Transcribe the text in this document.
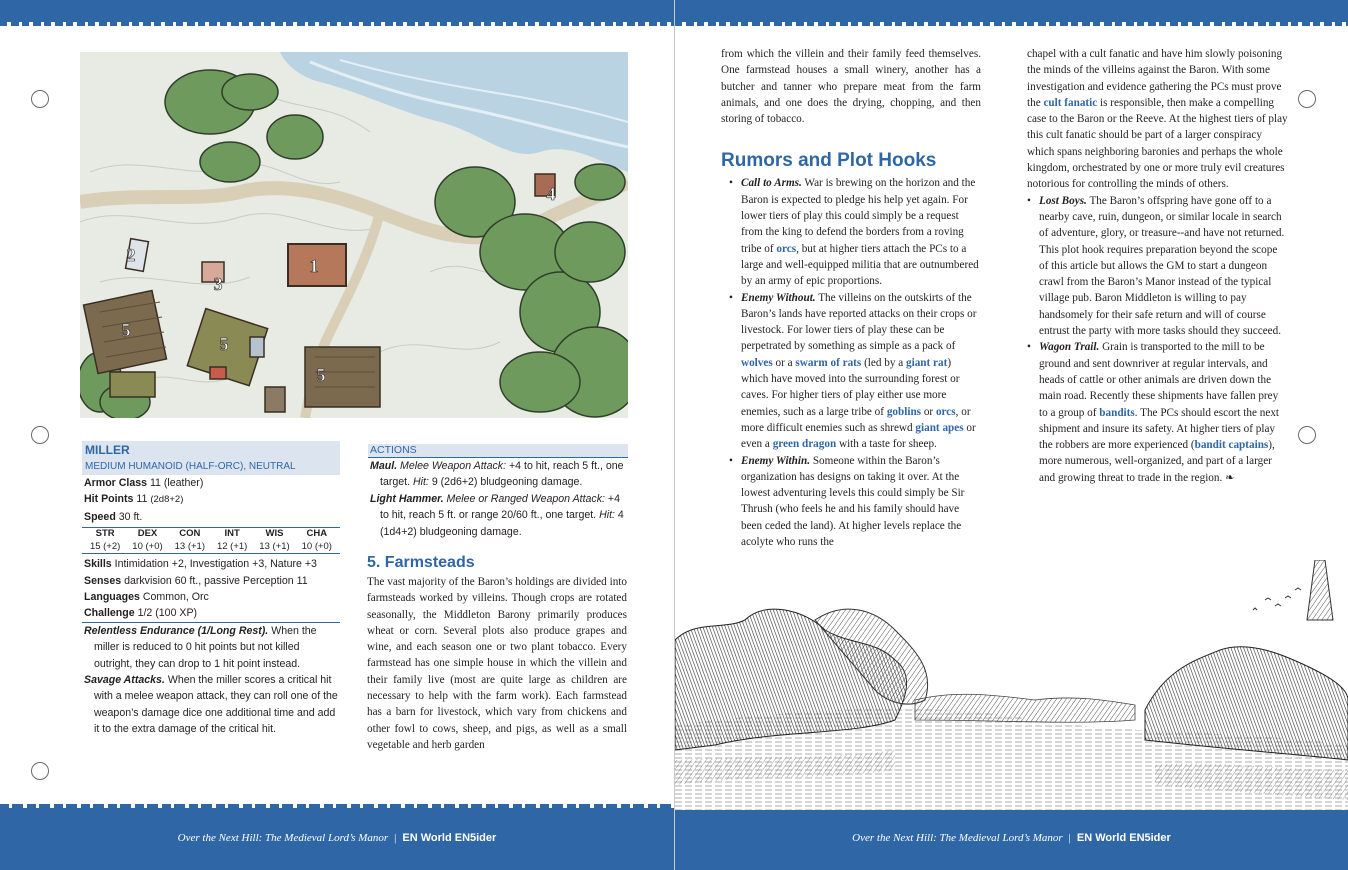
1
2
3
4
5
5
5
MILLER
MEDIUM HUMANOID (HALF-ORC), NEUTRAL
Armor Class 11 (leather)
Hit Points 11 (2d8+2)
Speed 30 ft.
STR
15 (+2)
DEX
10 (+0)
CON
13 (+1)
INT
12 (+1)
WIS
13 (+1)
CHA
10 (+0)
Skills Intimidation +2, Investigation +3, Nature +3
Senses darkvision 60 ft., passive Perception 11
Languages Common, Orc
Challenge 1/2 (100 XP)
Relentless Endurance (1/Long Rest). When the miller is reduced to 0 hit points but not killed outright, they can drop to 1 hit point instead.
Savage Attacks. When the miller scores a critical hit with a melee weapon attack, they can roll one of the weapon’s damage dice one additional time and add it to the extra damage of the critical hit.
ACTIONS
Maul. Melee Weapon Attack: +4 to hit, reach 5 ft., one target. Hit: 9 (2d6+2) bludgeoning damage.
Light Hammer. Melee or Ranged Weapon Attack: +4 to hit, reach 5 ft. or range 20/60 ft., one target. Hit: 4 (1d4+2) bludgeoning damage.
5. Farmsteads
The vast majority of the Baron’s holdings are divided into farmsteads worked by villeins. Though crops are rotated seasonally, the Middleton Barony primarily produces wheat or corn. Several plots also produce grapes and wine, and each season one or two plant tobacco. Every farmstead has one simple house in which the villein and their family live (most are quite large as children are necessary to help with the farm work). Each farmstead has a barn for livestock, which vary from chickens and other fowl to cows, sheep, and pigs, as well as a small vegetable and herb garden
Over the Next Hill: The Medieval Lord’s Manor | EN World EN5ider
from which the villein and their family feed themselves. One farmstead houses a small winery, another has a butcher and tanner who prepare meat from the farm animals, and one does the drying, chopping, and then storing of tobacco.
Rumors and Plot Hooks
• Call to Arms. War is brewing on the horizon and the Baron is expected to pledge his help yet again. For lower tiers of play this could simply be a request from the king to defend the borders from a roving tribe of orcs, but at higher tiers attach the PCs to a large and well-equipped militia that are outnumbered by an army of epic proportions.
• Enemy Without. The villeins on the outskirts of the Baron’s lands have reported attacks on their crops or livestock. For lower tiers of play these can be perpetrated by something as simple as a pack of wolves or a swarm of rats (led by a giant rat) which have moved into the surrounding forest or caves. For higher tiers of play either use more enemies, such as a large tribe of goblins or orcs, or more difficult enemies such as shrewd giant apes or even a green dragon with a taste for sheep.
• Enemy Within. Someone within the Baron’s organization has designs on taking it over. At the lowest adventuring levels this could simply be Sir Thrush (who feels he and his family should have been ceded the land). At higher levels replace the acolyte who runs the
chapel with a cult fanatic and have him slowly poisoning the minds of the villeins against the Baron. With some investigation and evidence gathering the PCs must prove the cult fanatic is responsible, then make a compelling case to the Baron or the Reeve. At the highest tiers of play this cult fanatic should be part of a larger conspiracy which spans neighboring baronies and perhaps the whole kingdom, orchestrated by one or more truly evil creatures notorious for controlling the minds of others.
• Lost Boys. The Baron’s offspring have gone off to a nearby cave, ruin, dungeon, or similar locale in search of adventure, glory, or treasure--and have not returned. This plot hook requires preparation beyond the scope of this article but allows the GM to start a dungeon crawl from the Baron’s Manor instead of the typical village pub. Baron Middleton is willing to pay handsomely for their safe return and will of course entrust the party with more tasks should they succeed.
• Wagon Trail. Grain is transported to the mill to be ground and sent downriver at regular intervals, and heads of cattle or other animals are driven down the main road. Recently these shipments have fallen prey to a group of bandits. The PCs should escort the next shipment and insure its safety. At higher tiers of play the robbers are more experienced (bandit captains), more numerous, well-organized, and part of a larger and growing threat to trade in the region. ❧
Over the Next Hill: The Medieval Lord’s Manor | EN World EN5ider
